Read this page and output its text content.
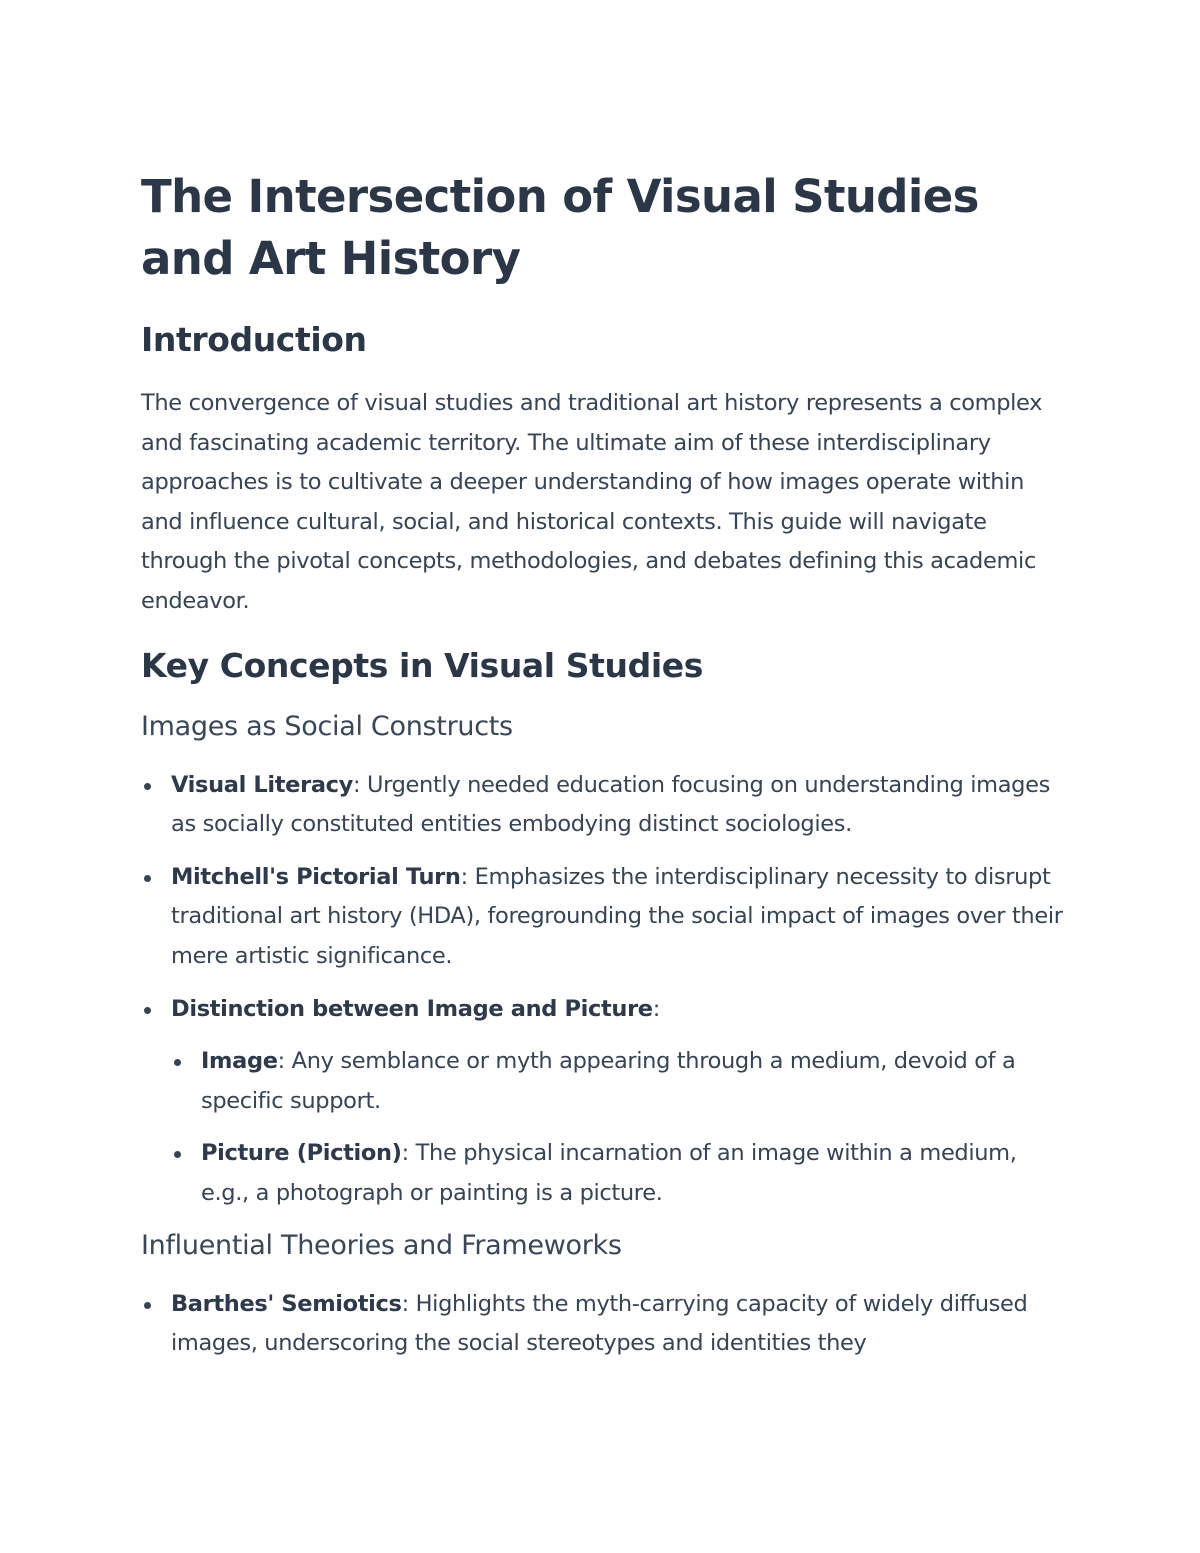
The Intersection of Visual Studies and Art History
Introduction

The convergence of visual studies and traditional art history represents a complex and fascinating academic territory. The ultimate aim of these interdisciplinary approaches is to cultivate a deeper understanding of how images operate within and influence cultural, social, and historical contexts. This guide will navigate through the pivotal concepts, methodologies, and debates defining this academic endeavor.

Key Concepts in Visual Studies
Images as Social Constructs
Visual Literacy: Urgently needed education focusing on understanding images as socially constituted entities embodying distinct sociologies.
Mitchell's Pictorial Turn: Emphasizes the interdisciplinary necessity to disrupt traditional art history (HDA), foregrounding the social impact of images over their mere artistic significance.
Distinction between Image and Picture:
Image: Any semblance or myth appearing through a medium, devoid of a specific support.
Picture (Piction): The physical incarnation of an image within a medium, e.g., a photograph or painting is a picture.
Influential Theories and Frameworks
Barthes' Semiotics: Highlights the myth-carrying capacity of widely diffused images, underscoring the social stereotypes and identities they
